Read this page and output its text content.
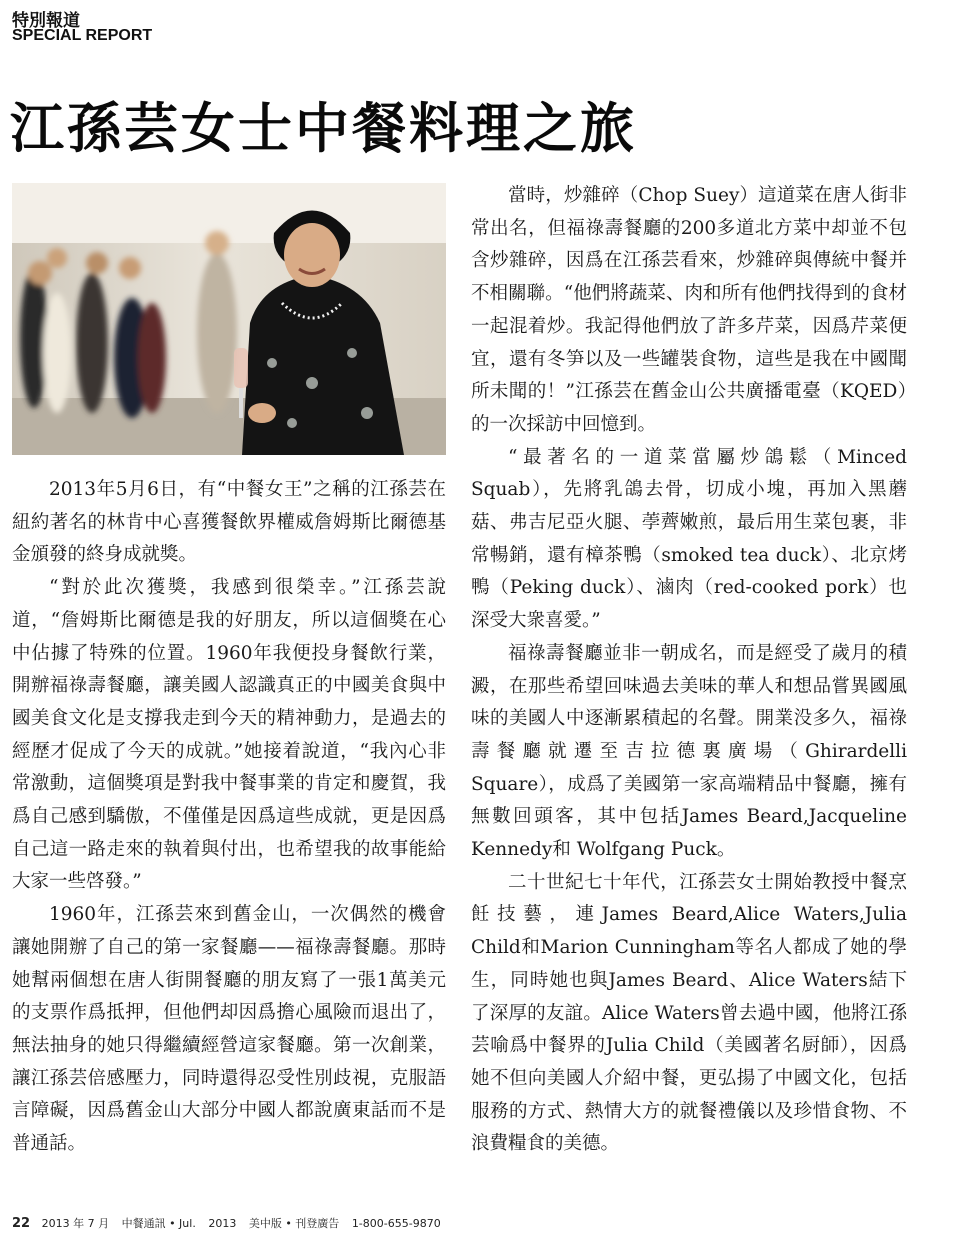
特別報道
SPECIAL REPORT
江孫芸女士中餐料理之旅

2013年5月6日，有“中餐女王”之稱的江孫芸在紐約著名的林肯中心喜獲餐飲界權威詹姆斯比爾德基金頒發的終身成就獎。

“對於此次獲獎，我感到很榮幸。”江孫芸說道，“詹姆斯比爾德是我的好朋友，所以這個獎在心中佔據了特殊的位置。1960年我便投身餐飲行業，開辦福祿壽餐廳，讓美國人認識真正的中國美食與中國美食文化是支撐我走到今天的精神動力，是過去的經歷才促成了今天的成就。”她接着說道，“我內心非常激動，這個獎項是對我中餐事業的肯定和慶賀，我爲自己感到驕傲，不僅僅是因爲這些成就，更是因爲自己這一路走來的執着與付出，也希望我的故事能給大家一些啓發。”

1960年，江孫芸來到舊金山，一次偶然的機會讓她開辦了自己的第一家餐廳——福祿壽餐廳。那時她幫兩個想在唐人街開餐廳的朋友寫了一張1萬美元的支票作爲抵押，但他們却因爲擔心風險而退出了，無法抽身的她只得繼續經營這家餐廳。第一次創業，讓江孫芸倍感壓力，同時還得忍受性別歧視，克服語言障礙，因爲舊金山大部分中國人都說廣東話而不是普通話。

當時，炒雜碎（Chop Suey）這道菜在唐人街非常出名，但福祿壽餐廳的200多道北方菜中却並不包含炒雜碎，因爲在江孫芸看來，炒雜碎與傳統中餐并不相關聯。“他們將蔬菜、肉和所有他們找得到的食材一起混着炒。我記得他們放了許多芹菜，因爲芹菜便宜，還有冬笋以及一些罐裝食物，這些是我在中國聞所未聞的！”江孫芸在舊金山公共廣播電臺（KQED）的一次採訪中回憶到。

“最著名的一道菜當屬炒鴿鬆（Minced Squab），先將乳鴿去骨，切成小塊，再加入黑蘑菇、弗吉尼亞火腿、荸薺嫩煎，最后用生菜包裹，非常暢銷，還有樟茶鴨（smoked tea duck）、北京烤鴨（Peking duck）、滷肉（red-cooked pork）也深受大衆喜愛。”

福祿壽餐廳並非一朝成名，而是經受了歲月的積澱，在那些希望回味過去美味的華人和想品嘗異國風味的美國人中逐漸累積起的名聲。開業没多久，福祿壽餐廳就遷至吉拉德裏廣場（Ghirardelli Square），成爲了美國第一家高端精品中餐廳，擁有無數回頭客，其中包括James Beard,Jacqueline Kennedy和 Wolfgang Puck。

二十世紀七十年代，江孫芸女士開始教授中餐烹飪技藝，連James Beard,Alice Waters,Julia Child和Marion Cunningham等名人都成了她的學生，同時她也與James Beard、Alice Waters結下了深厚的友誼。Alice Waters曾去過中國，他將江孫芸喻爲中餐界的Julia Child（美國著名厨師），因爲她不但向美國人介紹中餐，更弘揚了中國文化，包括服務的方式、熱情大方的就餐禮儀以及珍惜食物、不浪費糧食的美德。

22 2013 年 7 月 中餐通訊 • Jul. 2013 美中版 • 刊登廣告 1-800-655-9870
